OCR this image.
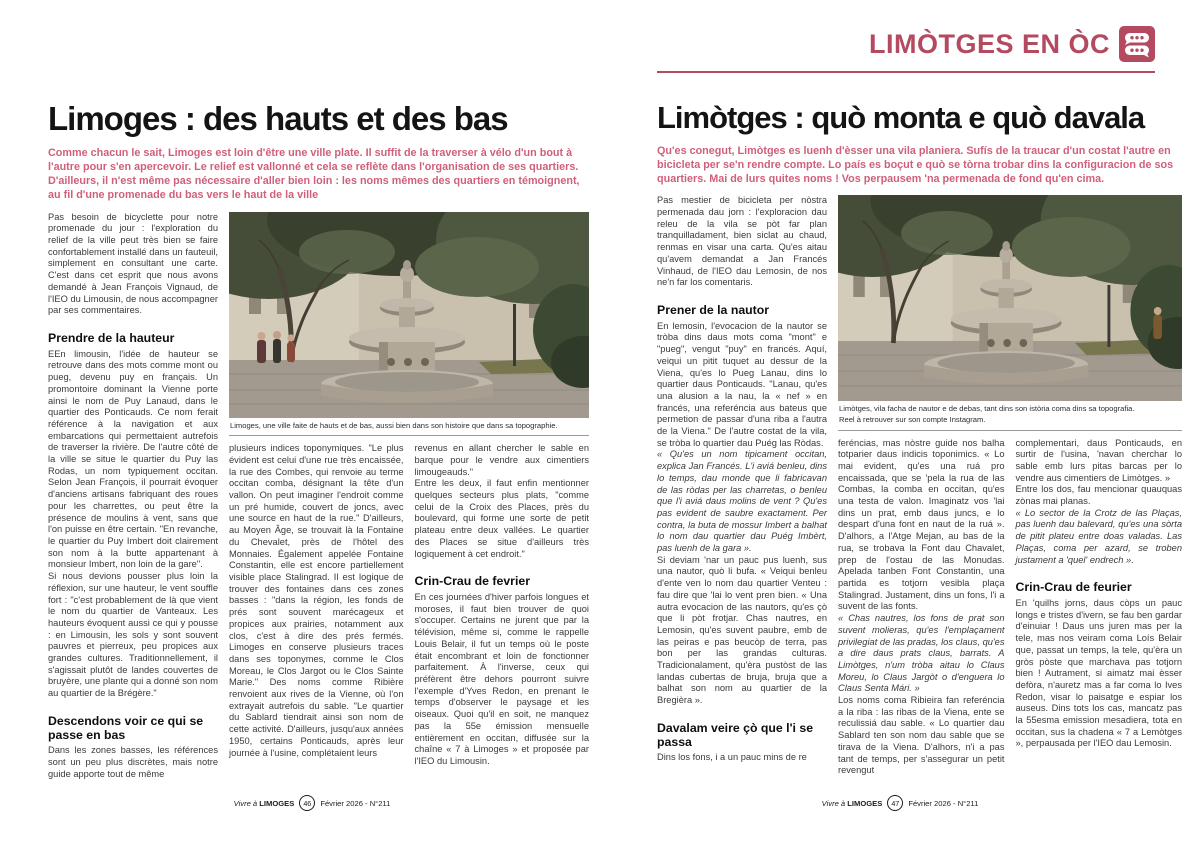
LIMÒTGES EN ÒC
Limoges : des hauts et des bas
Comme chacun le sait, Limoges est loin d'être une ville plate. Il suffit de la traverser à vélo d'un bout à l'autre pour s'en apercevoir. Le relief est vallonné et cela se reflète dans l'organisation de ses quartiers. D'ailleurs, il n'est même pas nécessaire d'aller bien loin : les noms mêmes des quartiers en témoignent, au fil d'une promenade du bas vers le haut de la ville

Pas besoin de bicyclette pour notre promenade du jour : l'exploration du relief de la ville peut très bien se faire confortablement installé dans un fauteuil, simplement en consultant une carte. C'est dans cet esprit que nous avons demandé à Jean François Vignaud, de l'IEO du Limousin, de nous accompagner par ses commentaires.

Prendre de la hauteur

EEn limousin, l'idée de hauteur se retrouve dans des mots comme mont ou pueg, devenu puy en français. Un promontoire dominant la Vienne porte ainsi le nom de Puy Lanaud, dans le quartier des Ponticauds. Ce nom ferait référence à la navigation et aux embarcations qui permettaient autrefois de traverser la rivière. De l'autre côté de la ville se situe le quartier du Puy las Rodas, un nom typiquement occitan. Selon Jean François, il pourrait évoquer d'anciens artisans fabriquant des roues pour les charrettes, ou peut être la présence de moulins à vent, sans que l'on puisse en être certain. "En revanche, le quartier du Puy Imbert doit clairement son nom à la butte appartenant à monsieur Imbert, non loin de la gare".

Si nous devions pousser plus loin la réflexion, sur une hauteur, le vent souffle fort : "c'est probablement de là que vient le nom du quartier de Vanteaux. Les hauteurs évoquent aussi ce qui y pousse : en Limousin, les sols y sont souvent pauvres et pierreux, peu propices aux grandes cultures. Traditionnellement, il s'agissait plutôt de landes couvertes de bruyère, une plante qui a donné son nom au quartier de la Brégère."

Descendons voir ce qui se passe en bas

Dans les zones basses, les références sont un peu plus discrètes, mais notre guide apporte tout de même

Limoges, une ville faite de hauts et de bas, aussi bien dans son histoire que dans sa topographie.

plusieurs indices toponymiques. "Le plus évident est celui d'une rue très encaissée, la rue des Combes, qui renvoie au terme occitan comba, désignant la tête d'un vallon. On peut imaginer l'endroit comme un pré humide, couvert de joncs, avec une source en haut de la rue." D'ailleurs, au Moyen Âge, se trouvait là la Fontaine du Chevalet, près de l'hôtel des Monnaies. Également appelée Fontaine Constantin, elle est encore partiellement visible place Stalingrad. Il est logique de trouver des fontaines dans ces zones basses : "dans la région, les fonds de prés sont souvent marécageux et propices aux prairies, notamment aux clos, c'est à dire des prés fermés. Limoges en conserve plusieurs traces dans ses toponymes, comme le Clos Moreau, le Clos Jargot ou le Clos Sainte Marie." Des noms comme Ribière renvoient aux rives de la Vienne, où l'on extrayait autrefois du sable. "Le quartier du Sablard tiendrait ainsi son nom de cette activité. D'ailleurs, jusqu'aux années 1950, certains Ponticauds, après leur journée à l'usine, complétaient leurs

revenus en allant chercher le sable en barque pour le vendre aux cimentiers limougeauds."

Entre les deux, il faut enfin mentionner quelques secteurs plus plats, "comme celui de la Croix des Places, près du boulevard, qui forme une sorte de petit plateau entre deux vallées. Le quartier des Places se situe d'ailleurs très logiquement à cet endroit."

Crin-Crau de fevrier

En ces journées d'hiver parfois longues et moroses, il faut bien trouver de quoi s'occuper. Certains ne jurent que par la télévision, même si, comme le rappelle Louis Belair, il fut un temps où le poste était encombrant et loin de fonctionner parfaitement. À l'inverse, ceux qui préfèrent être dehors pourront suivre l'exemple d'Yves Redon, en prenant le temps d'observer le paysage et les oiseaux. Quoi qu'il en soit, ne manquez pas la 55e émission mensuelle entièrement en occitan, diffusée sur la chaîne « 7 à Limoges » et proposée par l'IEO du Limousin.

Limòtges : quò monta e quò davala
Qu'es conegut, Limòtges es luenh d'èsser una vila planiera. Sufís de la traucar d'un costat l'autre en bicicleta per se'n rendre compte. Lo país es boçut e quò se tòrna trobar dins la configuracion de sos quartiers. Mai de lurs quites noms ! Vos perpausem 'na permenada de fond qu'en cima.

Pas mestier de bicicleta per nòstra permenada dau jorn : l'exploracion dau releu de la vila se pòt far plan tranquilladament, bien siclat au chaud, renmas en visar una carta. Qu'es aitau qu'avem demandat a Jan Francés Vinhaud, de l'IEO dau Lemosin, de nos ne'n far los comentaris.

Prener de la nautor

En lemosin, l'evocacion de la nautor se tròba dins daus mots coma "mont" e "pueg", vengut "puy" en francés. Aquí, veiqui un pitit tuquet au dessur de la Viena, qu'es lo Pueg Lanau, dins lo quartier daus Ponticauds. "Lanau, qu'es una alusion a la nau, la « nef » en francés, una referéncia aus bateus que permetion de passar d'una riba a l'autra de la Viena." De l'autre costat de la vila, se tròba lo quartier dau Puég las Ròdas.

« Qu'es un nom tipicament occitan, explica Jan Francés. L'i aviá benleu, dins lo temps, dau monde que li fabricavan de las ròdas per las charretas, o benleu que l'i aviá daus molins de vent ? Qu'es pas evident de saubre exactament. Per contra, la buta de mossur Imbert a balhat lo nom dau quartier dau Puég Imbèrt, pas luenh de la gara ».

Si deviam 'nar un pauc pus luenh, sus una nautor, quò li bufa. « Veiqui benleu d'ente ven lo nom dau quartier Venteu : fau dire que 'lai lo vent pren bien. « Una autra evocacion de las nautors, qu'es çò que li pòt frotjar. Chas nautres, en Lemosin, qu'es suvent paubre, emb de las peiras e pas beucòp de terra, pas bon per las grandas culturas. Tradicionalament, qu'èra pustòst de las landas cubertas de bruja, bruja que a balhat son nom au quartier de la Bregièra ».

Davalam veire çò que l'i se passa

Dins los fons, i a un pauc mins de re

Limòtges, vila facha de nautor e de debas, tant dins son istòria coma dins sa topografia.
Reel à retrouver sur son compte Instagram.

feréncias, mas nòstre guide nos balha totparier daus indicis toponimics. « Lo mai evident, qu'es una ruá pro encaissada, que se 'pela la rua de las Combas, la comba en occitan, qu'es una testa de valon. Imaginatz vos 'lai dins un prat, emb daus juncs, e lo despart d'una font en naut de la ruá ». D'alhors, a l'Atge Mejan, au bas de la rua, se trobava la Font dau Chavalet, prep de l'ostau de las Monudas. Apelada tanben Font Constantin, una partida es totjorn vesibla plaça Stalingrad. Justament, dins un fons, l'i a suvent de las fonts.

« Chas nautres, los fons de prat son suvent molieras, qu'es l'emplaçament privilegiat de las pradas, los claus, qu'es a dire daus prats claus, barrats. A Limòtges, n'um tròba aitau lo Claus Moreu, lo Claus Jargòt o d'enguera lo Claus Senta Mári. »

Los noms coma Ribieira fan referéncia a la riba : las ribas de la Viena, ente se reculissiá dau sable. « Lo quartier dau Sablard ten son nom dau sable que se tirava de la Viena. D'alhors, n'i a pas tant de temps, per s'assegurar un petit revengut

complementari, daus Ponticauds, en surtir de l'usina, 'navan cherchar lo sable emb lurs pitas barcas per lo vendre aus cimentiers de Limòtges. »

Entre los dos, fau mencionar quauquas zònas mai planas.

« Lo sector de la Crotz de las Plaças, pas luenh dau balevard, qu'es una sòrta de pitit plateu entre doas valadas. Las Plaças, coma per azard, se troben justament a 'quel' endrech ».

Crin-Crau de feurier

En 'quilhs jorns, daus còps un pauc longs e tristes d'ivern, se fau ben gardar d'einuiar ! Daus uns juren mas per la tele, mas nos veiram coma Loís Belair que, passat un temps, la tele, qu'èra un gròs pòste que marchava pas totjorn bien ! Autrament, si aimatz mai èsser defòra, n'auretz mas a far coma lo Ives Redon, visar lo paisatge e espiar los auseus. Dins tots los cas, mancatz pas la 55esma emission mesadiera, tota en occitan, sus la chadena « 7 a Lemòtges », perpausada per l'IEO dau Lemosin.

Vivre à LIMOGES	46	Février 2026 - N°211	Vivre à LIMOGES	47	Février 2026 - N°211
